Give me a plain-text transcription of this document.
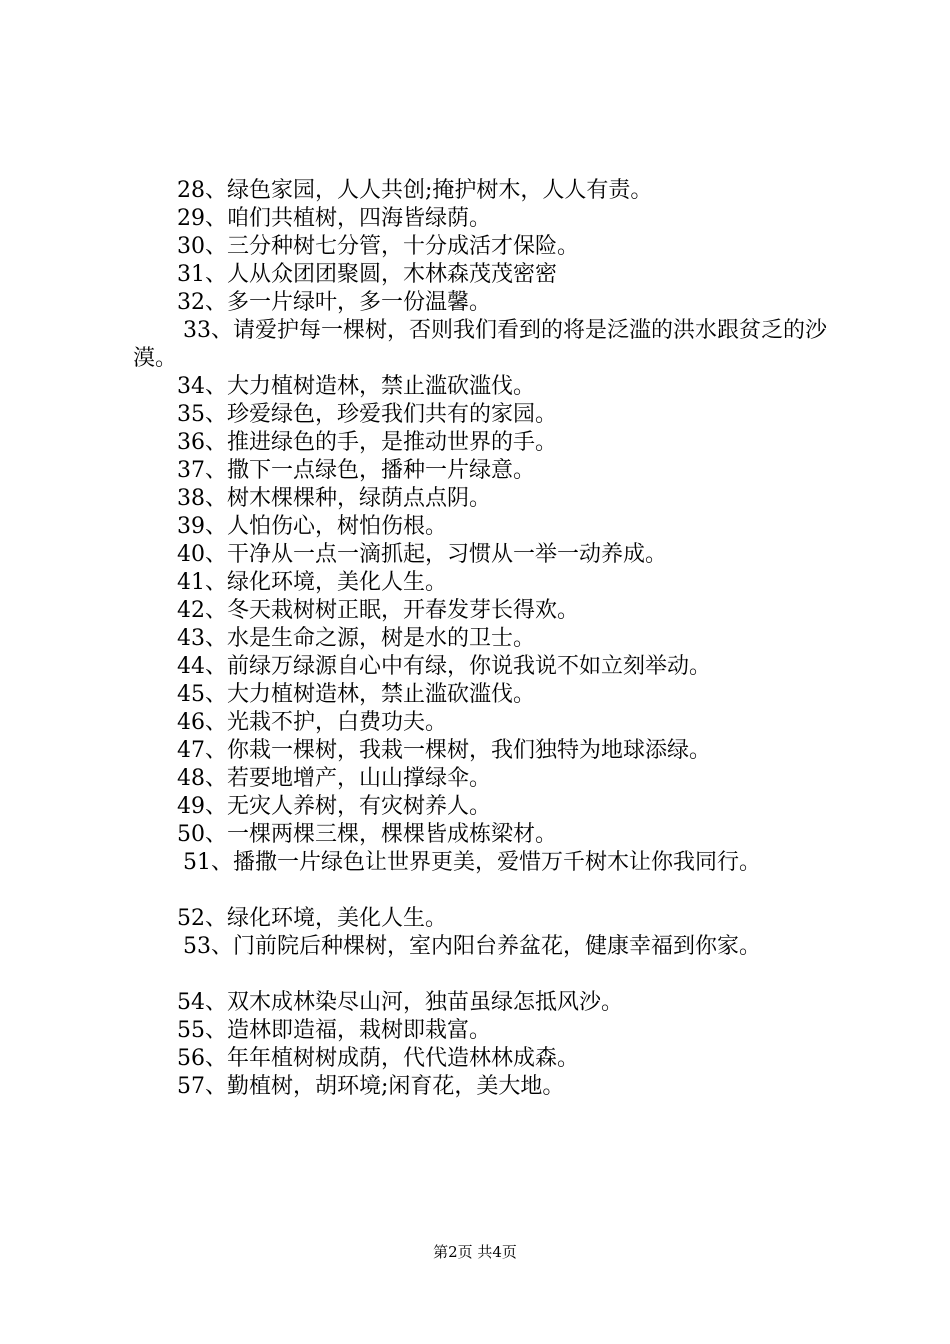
28、绿色家园，人人共创;掩护树木，人人有责。
29、咱们共植树，四海皆绿荫。
30、三分种树七分管，十分成活才保险。
31、人从众团团聚圆，木林森茂茂密密
32、多一片绿叶，多一份温馨。
33、请爱护每一棵树，否则我们看到的将是泛滥的洪水跟贫乏的沙漠。
34、大力植树造林，禁止滥砍滥伐。
35、珍爱绿色，珍爱我们共有的家园。
36、推进绿色的手，是推动世界的手。
37、撒下一点绿色，播种一片绿意。
38、树木棵棵种，绿荫点点阴。
39、人怕伤心，树怕伤根。
40、干净从一点一滴抓起，习惯从一举一动养成。
41、绿化环境，美化人生。
42、冬天栽树树正眠，开春发芽长得欢。
43、水是生命之源，树是水的卫士。
44、前绿万绿源自心中有绿，你说我说不如立刻举动。
45、大力植树造林，禁止滥砍滥伐。
46、光栽不护，白费功夫。
47、你栽一棵树，我栽一棵树，我们独特为地球添绿。
48、若要地增产，山山撑绿伞。
49、无灾人养树，有灾树养人。
50、一棵两棵三棵，棵棵皆成栋梁材。
51、播撒一片绿色让世界更美，爱惜万千树木让你我同行。
52、绿化环境，美化人生。
53、门前院后种棵树，室内阳台养盆花，健康幸福到你家。
54、双木成林染尽山河，独苗虽绿怎抵风沙。
55、造林即造福，栽树即栽富。
56、年年植树树成荫，代代造林林成森。
57、勤植树，胡环境;闲育花，美大地。
第2页 共4页
